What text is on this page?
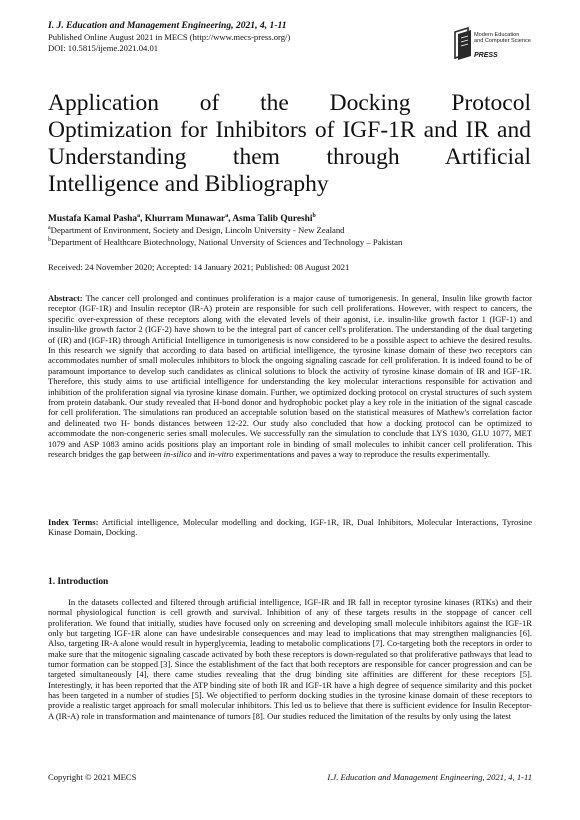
I. J. Education and Management Engineering, 2021, 4, 1-11
Published Online August 2021 in MECS (http://www.mecs-press.org/)
DOI: 10.5815/ijeme.2021.04.01
Modern Education
and Computer Science
PRESS
Application of the Docking Protocol
Optimization for Inhibitors of IGF-1R and IR and
Understanding them through Artificial
Intelligence and Bibliography
Mustafa Kamal Pasha$^a$, Khurram Munawar$^a$, Asma Talib Qureshi$^b$
$^a$Department of Environment, Society and Design, Lincoln University - New Zealand
$^b$Department of Healthcare Biotechnology, National Unversity of Sciences and Technology – Pakistan
Received: 24 November 2020; Accepted: 14 January 2021; Published: 08 August 2021
Abstract: The cancer cell prolonged and continues proliferation is a major cause of tumorigenesis. In general, Insulin like growth factor receptor (IGF-1R) and Insulin receptor (IR-A) protein are responsible for such cell proliferations. However, with respect to cancers, the specific over-expression of these receptors along with the elevated levels of their agonist, i.e. insulin-like growth factor 1 (IGF-1) and insulin-like growth factor 2 (IGF-2) have shown to be the integral part of cancer cell's proliferation. The understanding of the dual targeting of (IR) and (IGF-1R) through Artificial Intelligence in tumorigenesis is now considered to be a possible aspect to achieve the desired results. In this research we signify that according to data based on artificial intelligence, the tyrosine kinase domain of these two receptors can accommodates number of small molecules inhibitors to block the ongoing signaling cascade for cell proliferation. It is indeed found to be of paramount importance to develop such candidates as clinical solutions to block the activity of tyrosine kinase domain of IR and IGF-1R. Therefore, this study aims to use artificial intelligence for understanding the key molecular interactions responsible for activation and inhibition of the proliferation signal via tyrosine kinase domain. Further, we optimized docking protocol on crystal structures of such system from protein databank. Our study revealed that H-bond donor and hydrophobic pocket play a key role in the initiation of the signal cascade for cell proliferation. The simulations ran produced an acceptable solution based on the statistical measures of Mathew's correlation factor and delineated two H- bonds distances between 12-22. Our study also concluded that how a docking protocol can be optimized to accommodate the non-congeneric series small molecules. We successfully ran the simulation to conclude that LYS 1030, GLU 1077, MET 1079 and ASP 1083 amino acids positions play an important role in binding of small molecules to inhibit cancer cell proliferation. This research bridges the gap between in-silico and in-vitro experimentations and paves a way to reproduce the results experimentally.
Index Terms: Artificial intelligence, Molecular modelling and docking, IGF-1R, IR, Dual Inhibitors, Molecular Interactions, Tyrosine Kinase Domain, Docking.
1. Introduction
In the datasets collected and filtered through artificial intelligence, IGF-IR and IR fall in receptor tyrosine kinases (RTKs) and their normal physiological function is cell growth and survival. Inhibition of any of these targets results in the stoppage of cancer cell proliferation. We found that initially, studies have focused only on screening and developing small molecule inhibitors against the IGF-1R only but targeting IGF-1R alone can have undesirable consequences and may lead to implications that may strengthen malignancies [6]. Also, targeting IR-A alone would result in hyperglycemia, leading to metabolic complications [7]. Co-targeting both the receptors in order to make sure that the mitogenic signaling cascade activated by both these receptors is down-regulated so that proliferative pathways that lead to tumor formation can be stopped [3]. Since the establishment of the fact that both receptors are responsible for cancer progression and can be targeted simultaneously [4], there came studies revealing that the drug binding site affinities are different for these receptors [5]. Interestingly, it has been reported that the ATP binding site of both IR and IGF-1R have a high degree of sequence similarity and this pocket has been targeted in a number of studies [5]. We objectified to perform docking studies in the tyrosine kinase domain of these receptors to provide a realistic target approach for small molecular inhibitors. This led us to believe that there is sufficient evidence for Insulin Receptor-A (IR-A) role in transformation and maintenance of tumors [8]. Our studies reduced the limitation of the results by only using the latest
Copyright © 2021 MECS	I.J. Education and Management Engineering, 2021, 4, 1-11
